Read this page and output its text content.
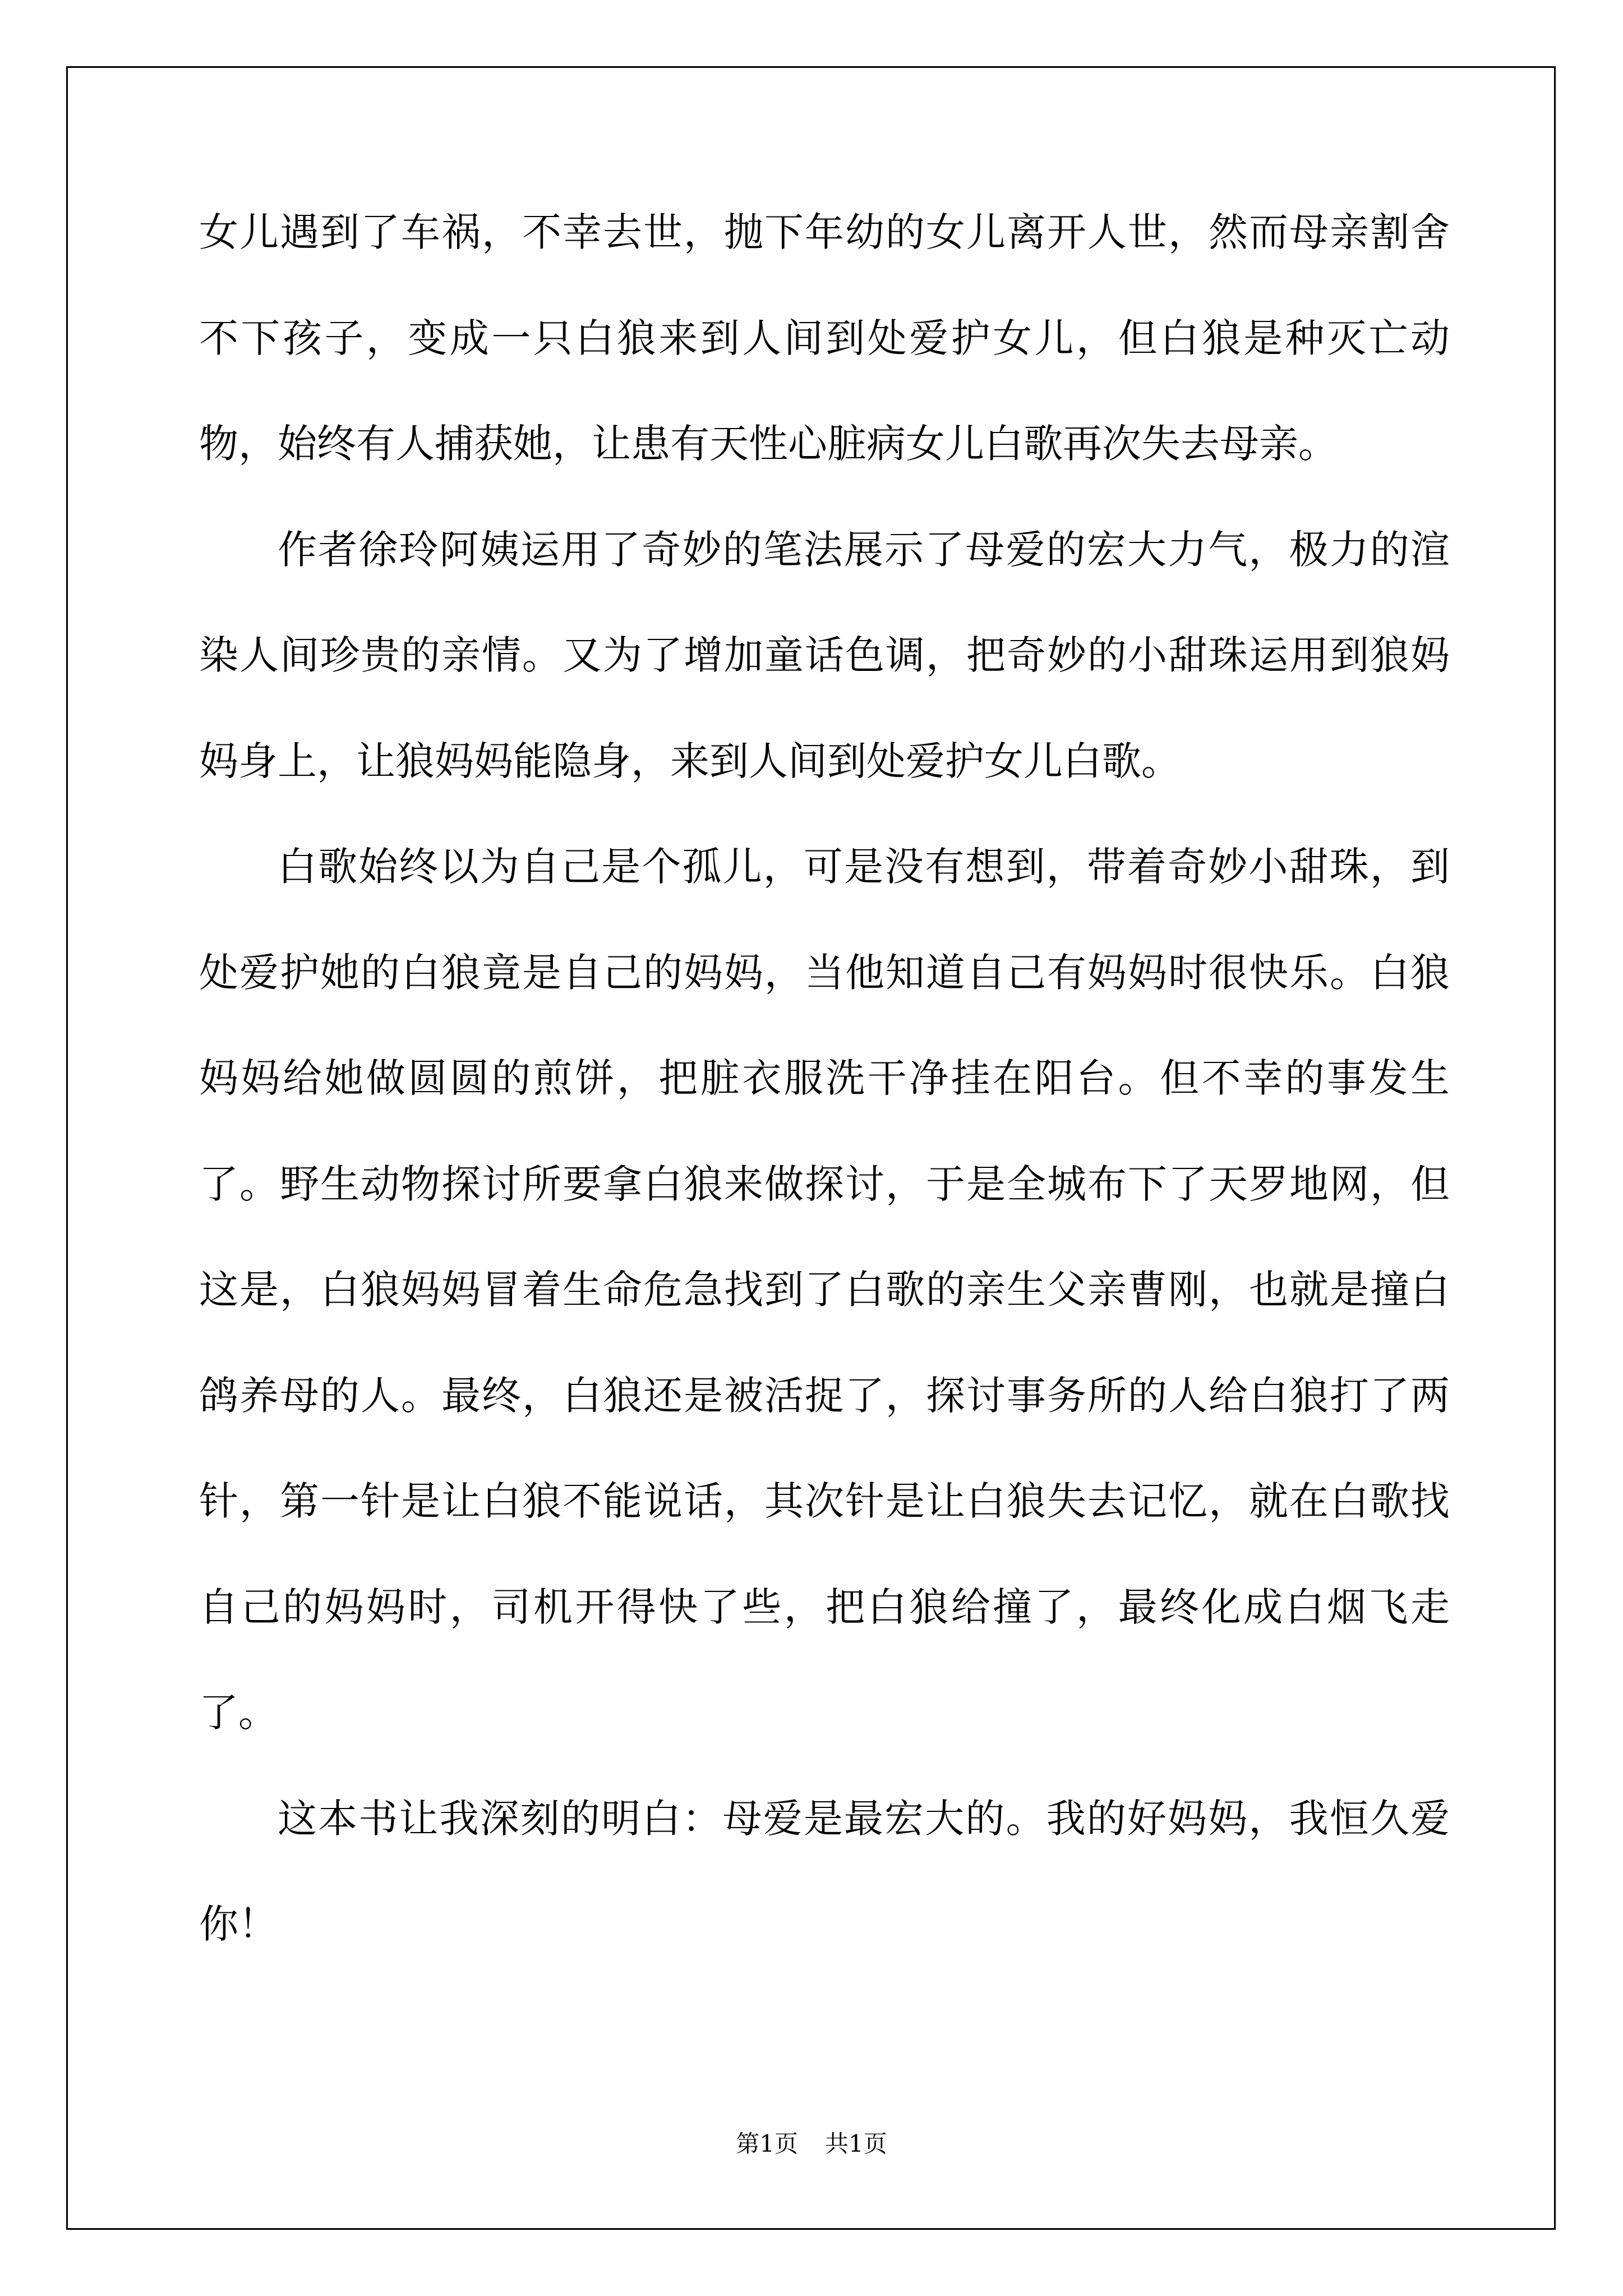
女儿遇到了车祸，不幸去世，抛下年幼的女儿离开人世，然而母亲割舍不下孩子，变成一只白狼来到人间到处爱护女儿，但白狼是种灭亡动物，始终有人捕获她，让患有天性心脏病女儿白歌再次失去母亲。

作者徐玲阿姨运用了奇妙的笔法展示了母爱的宏大力气，极力的渲染人间珍贵的亲情。又为了增加童话色调，把奇妙的小甜珠运用到狼妈妈身上，让狼妈妈能隐身，来到人间到处爱护女儿白歌。

白歌始终以为自己是个孤儿，可是没有想到，带着奇妙小甜珠，到处爱护她的白狼竟是自己的妈妈，当他知道自己有妈妈时很快乐。白狼妈妈给她做圆圆的煎饼，把脏衣服洗干净挂在阳台。但不幸的事发生了。野生动物探讨所要拿白狼来做探讨，于是全城布下了天罗地网，但这是，白狼妈妈冒着生命危急找到了白歌的亲生父亲曹刚，也就是撞白鸽养母的人。最终，白狼还是被活捉了，探讨事务所的人给白狼打了两针，第一针是让白狼不能说话，其次针是让白狼失去记忆，就在白歌找自己的妈妈时，司机开得快了些，把白狼给撞了，最终化成白烟飞走了。

这本书让我深刻的明白：母爱是最宏大的。我的好妈妈，我恒久爱你！

第1页 共1页
